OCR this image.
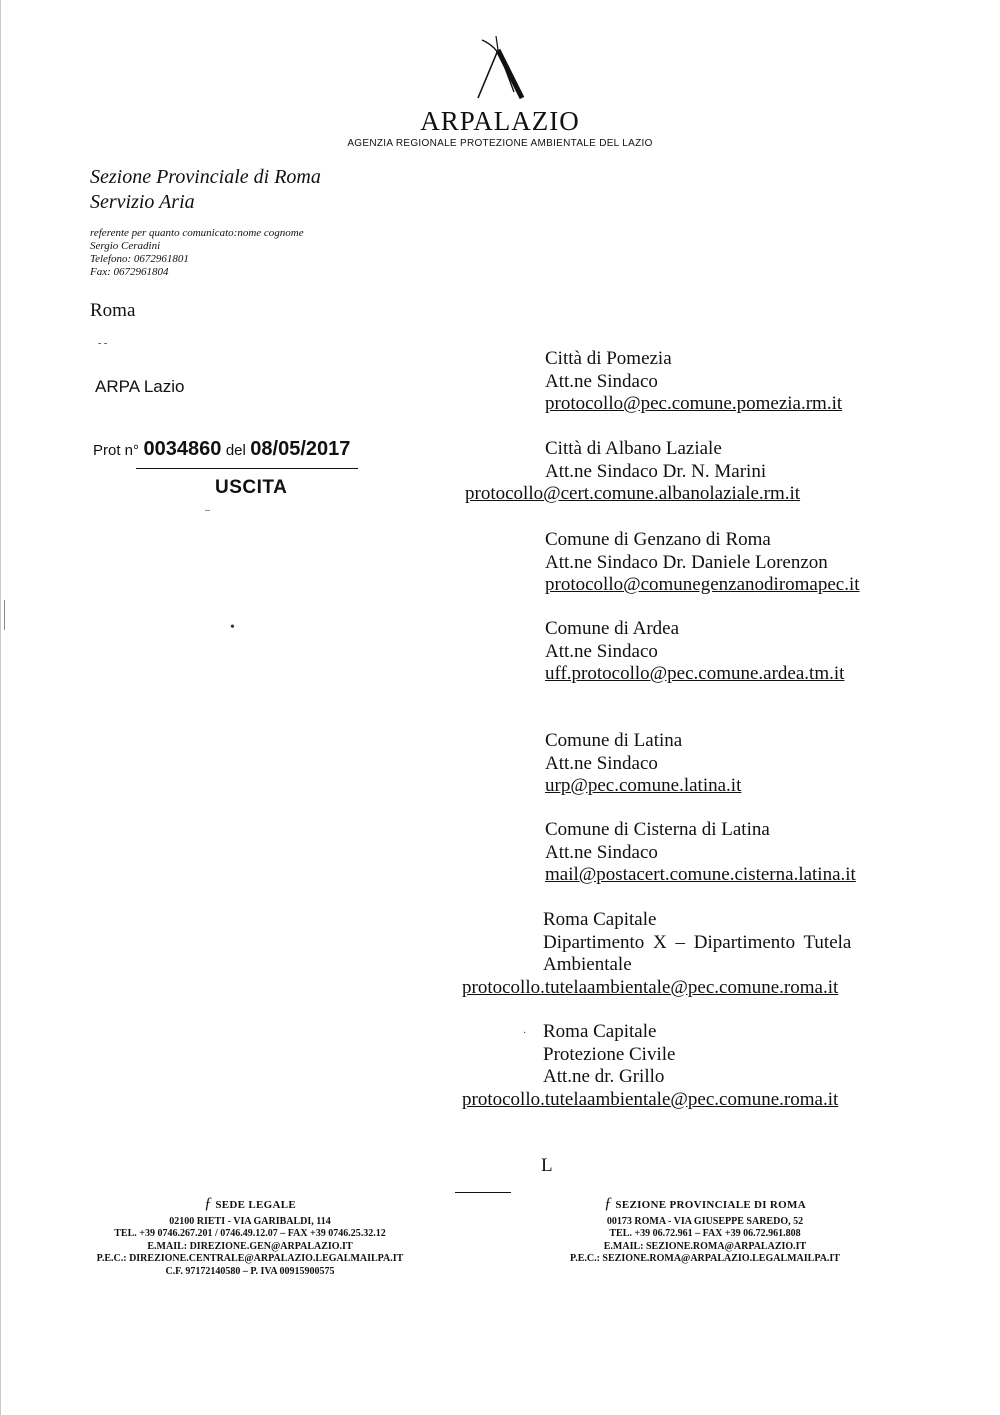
ARPALAZIO
AGENZIA REGIONALE PROTEZIONE AMBIENTALE DEL LAZIO
Sezione Provinciale di Roma
Servizio Aria
referente per quanto comunicato:nome cognome
Sergio Ceradini
Telefono: 0672961801
Fax: 0672961804
Roma
- -
ARPA Lazio
Prot n° 0034860 del 08/05/2017
USCITA
–
•
Città di Pomezia
Att.ne Sindaco
protocollo@pec.comune.pomezia.rm.it
Città di Albano Laziale
Att.ne Sindaco Dr. N. Marini
protocollo@cert.comune.albanolaziale.rm.it
Comune di Genzano di Roma
Att.ne Sindaco Dr. Daniele Lorenzon
protocollo@comunegenzanodiromapec.it
Comune di Ardea
Att.ne Sindaco
uff.protocollo@pec.comune.ardea.tm.it
Comune di Latina
Att.ne Sindaco
urp@pec.comune.latina.it
Comune di Cisterna di Latina
Att.ne Sindaco
mail@postacert.comune.cisterna.latina.it
Roma Capitale
Dipartimento X – Dipartimento Tutela
Ambientale
protocollo.tutelaambientale@pec.comune.roma.it
· Roma Capitale
Protezione Civile
Att.ne dr. Grillo
protocollo.tutelaambientale@pec.comune.roma.it
L
ƒ SEDE LEGALE
02100 RIETI - VIA GARIBALDI, 114
TEL. +39 0746.267.201 / 0746.49.12.07 – FAX +39 0746.25.32.12
E.MAIL: DIREZIONE.GEN@ARPALAZIO.IT
P.E.C.: DIREZIONE.CENTRALE@ARPALAZIO.LEGALMAILPA.IT
C.F. 97172140580 – P. IVA 00915900575
ƒ SEZIONE PROVINCIALE DI ROMA
00173 ROMA - VIA GIUSEPPE SAREDO, 52
TEL. +39 06.72.961 – FAX +39 06.72.961.808
E.MAIL: SEZIONE.ROMA@ARPALAZIO.IT
P.E.C.: SEZIONE.ROMA@ARPALAZIO.LEGALMAILPA.IT
